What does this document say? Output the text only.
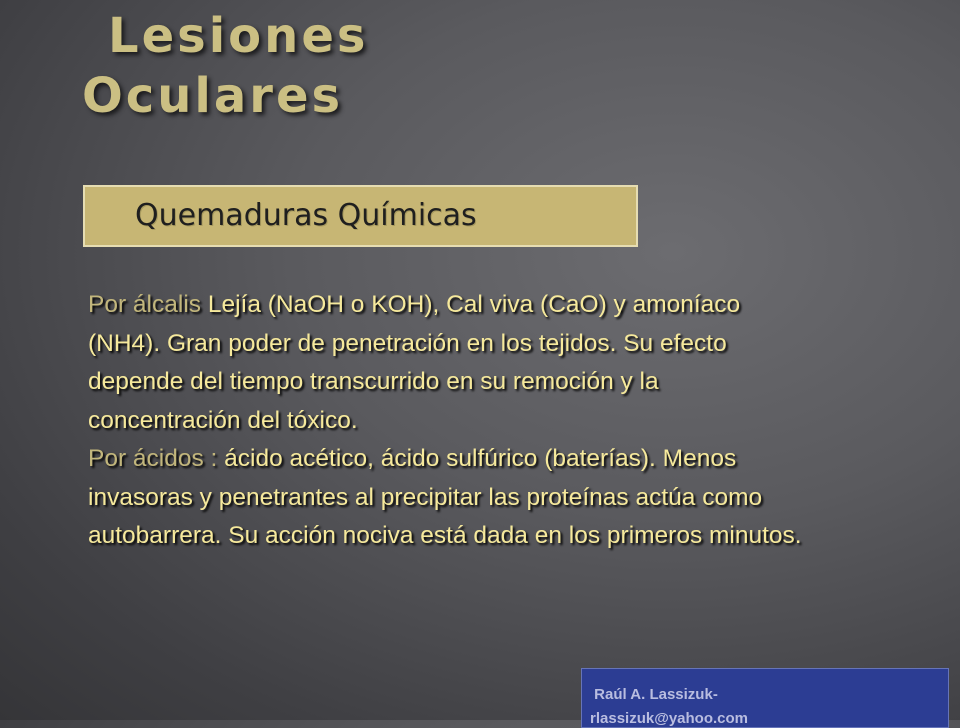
Lesiones
Oculares
Quemaduras Químicas

Por álcalis Lejía (NaOH o KOH), Cal viva (CaO) y amoníaco (NH4). Gran poder de penetración en los tejidos. Su efecto depende del tiempo transcurrido en su remoción y la concentración del tóxico.
Por ácidos : ácido acético, ácido sulfúrico (baterías). Menos invasoras y penetrantes al precipitar las proteínas actúa como autobarrera. Su acción nociva está dada en los primeros minutos.

Raúl A. Lassizuk-
rlassizuk@yahoo.com
